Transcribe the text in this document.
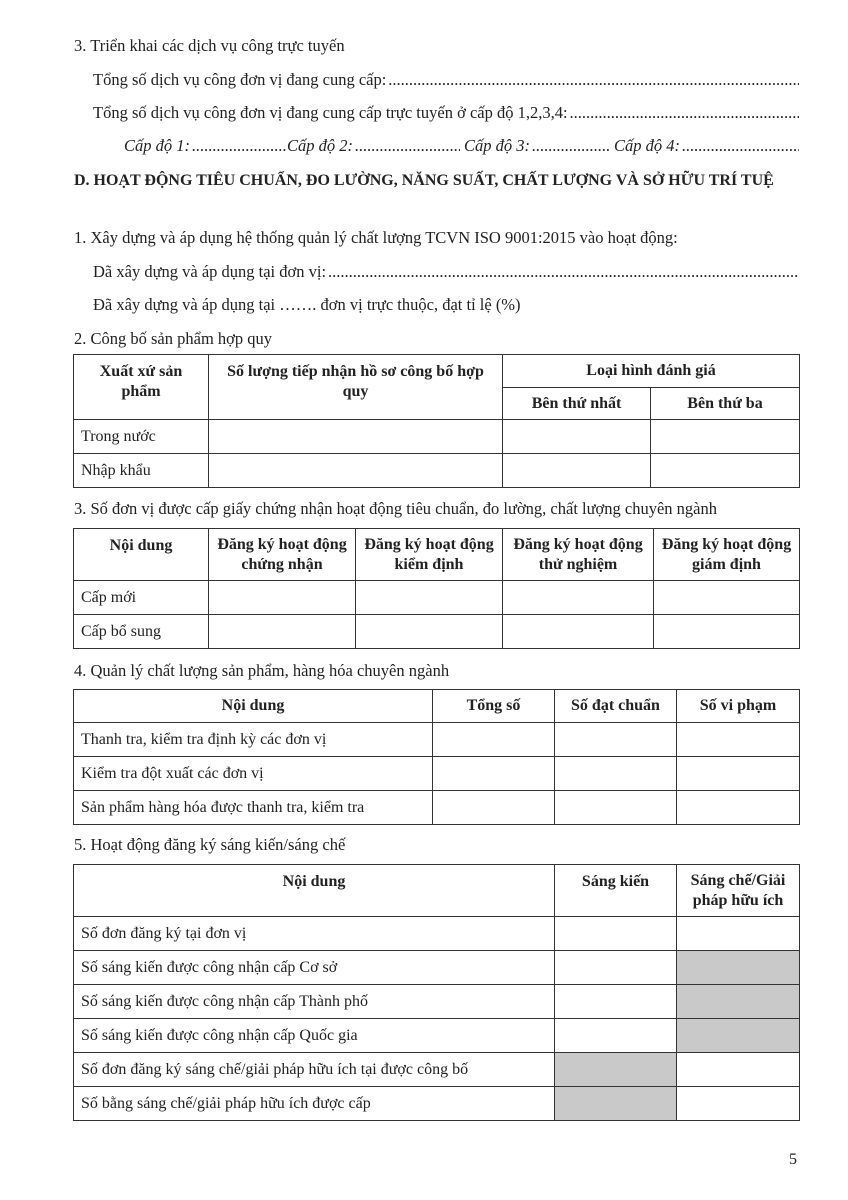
3. Triển khai các dịch vụ công trực tuyến
Tổng số dịch vụ công đơn vị đang cung cấp:
.....
Tổng số dịch vụ công đơn vị đang cung cấp trực tuyến ở cấp độ 1,2,3,4:
.....
Cấp độ 1: .....	Cấp độ 2: .....	Cấp độ 3: .....	Cấp độ 4:
.....
D. HOẠT ĐỘNG TIÊU CHUẨN, ĐO LƯỜNG, NĂNG SUẤT, CHẤT LƯỢNG VÀ SỞ HỮU TRÍ TUỆ
1. Xây dựng và áp dụng hệ thống quản lý chất lượng TCVN ISO 9001:2015 vào hoạt động:
Dã xây dựng và áp dụng tại đơn vị:
.....
Đã xây dựng và áp dụng tại ……. đơn vị trực thuộc, đạt tỉ lệ (%)
2. Công bố sản phẩm hợp quy
Xuất xứ sản phẩm	Số lượng tiếp nhận hồ sơ công bố hợp quy	Loại hình đánh giá	
		Bên thứ nhất	Bên thứ ba
Trong nước			
Nhập khẩu			
3. Số đơn vị được cấp giấy chứng nhận hoạt động tiêu chuẩn, đo lường, chất lượng chuyên ngành
Nội dung	Đăng ký hoạt động chứng nhận	Đăng ký hoạt động kiểm định	Đăng ký hoạt động thử nghiệm	Đăng ký hoạt động giám định
Cấp mới				
Cấp bổ sung				
4. Quản lý chất lượng sản phẩm, hàng hóa chuyên ngành
Nội dung	Tổng số	Số đạt chuẩn	Số vi phạm
Thanh tra, kiểm tra định kỳ các đơn vị			
Kiểm tra đột xuất các đơn vị			
Sản phẩm hàng hóa được thanh tra, kiểm tra			
5. Hoạt động đăng ký sáng kiến/sáng chế
Nội dung	Sáng kiến	Sáng chế/Giải pháp hữu ích
Số đơn đăng ký tại đơn vị		
Số sáng kiến được công nhận cấp Cơ sở		
Số sáng kiến được công nhận cấp Thành phố		
Số sáng kiến được công nhận cấp Quốc gia		
Số đơn đăng ký sáng chế/giải pháp hữu ích tại được công bố		
Số bằng sáng chế/giải pháp hữu ích được cấp		
5
